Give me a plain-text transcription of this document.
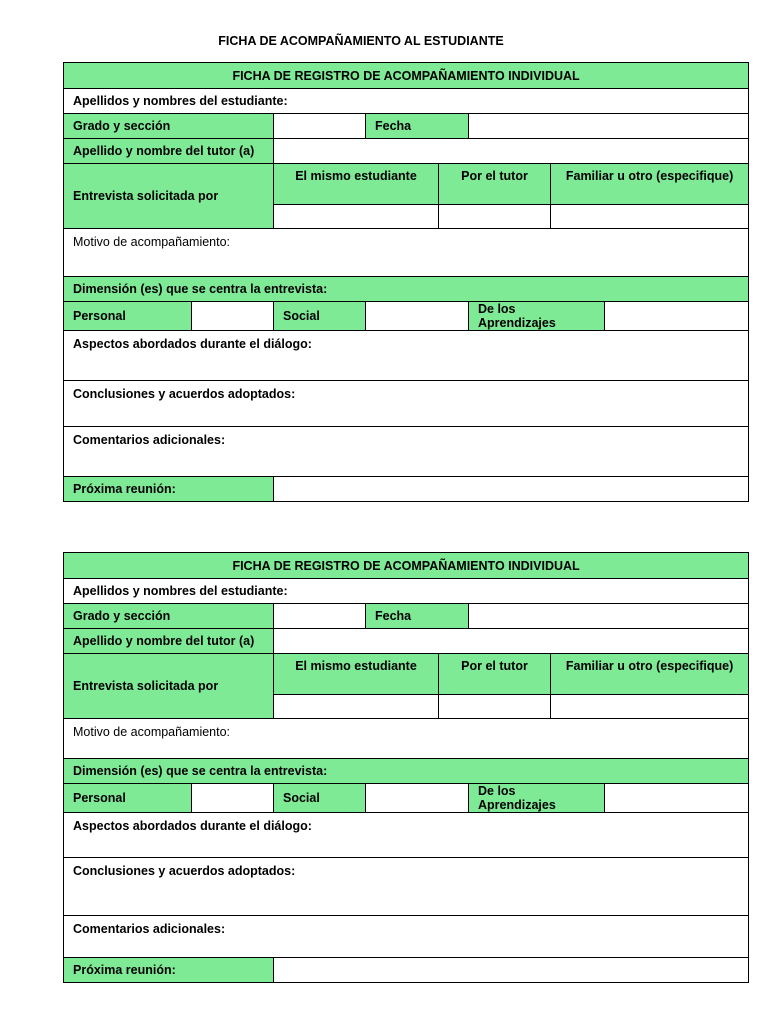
FICHA DE ACOMPAÑAMIENTO AL ESTUDIANTE
FICHA DE REGISTRO DE ACOMPAÑAMIENTO INDIVIDUAL							
Apellidos y nombres del estudiante:							
Grado y sección			Fecha				
Apellido y nombre del tutor (a)							
Entrevista solicitada por		El mismo estudiante		Por el tutor		Familiar u otro (especifique)	

Motivo de acompañamiento:							
Dimensión (es) que se centra la entrevista:							
Personal		Social			De los Aprendizajes		
Aspectos abordados durante el diálogo:							
Conclusiones y acuerdos adoptados:							
Comentarios adicionales:							
Próxima reunión:							
FICHA DE REGISTRO DE ACOMPAÑAMIENTO INDIVIDUAL							
Apellidos y nombres del estudiante:							
Grado y sección			Fecha				
Apellido y nombre del tutor (a)							
Entrevista solicitada por		El mismo estudiante		Por el tutor		Familiar u otro (especifique)	

Motivo de acompañamiento:							
Dimensión (es) que se centra la entrevista:							
Personal		Social			De los Aprendizajes		
Aspectos abordados durante el diálogo:							
Conclusiones y acuerdos adoptados:							
Comentarios adicionales:							
Próxima reunión:							
